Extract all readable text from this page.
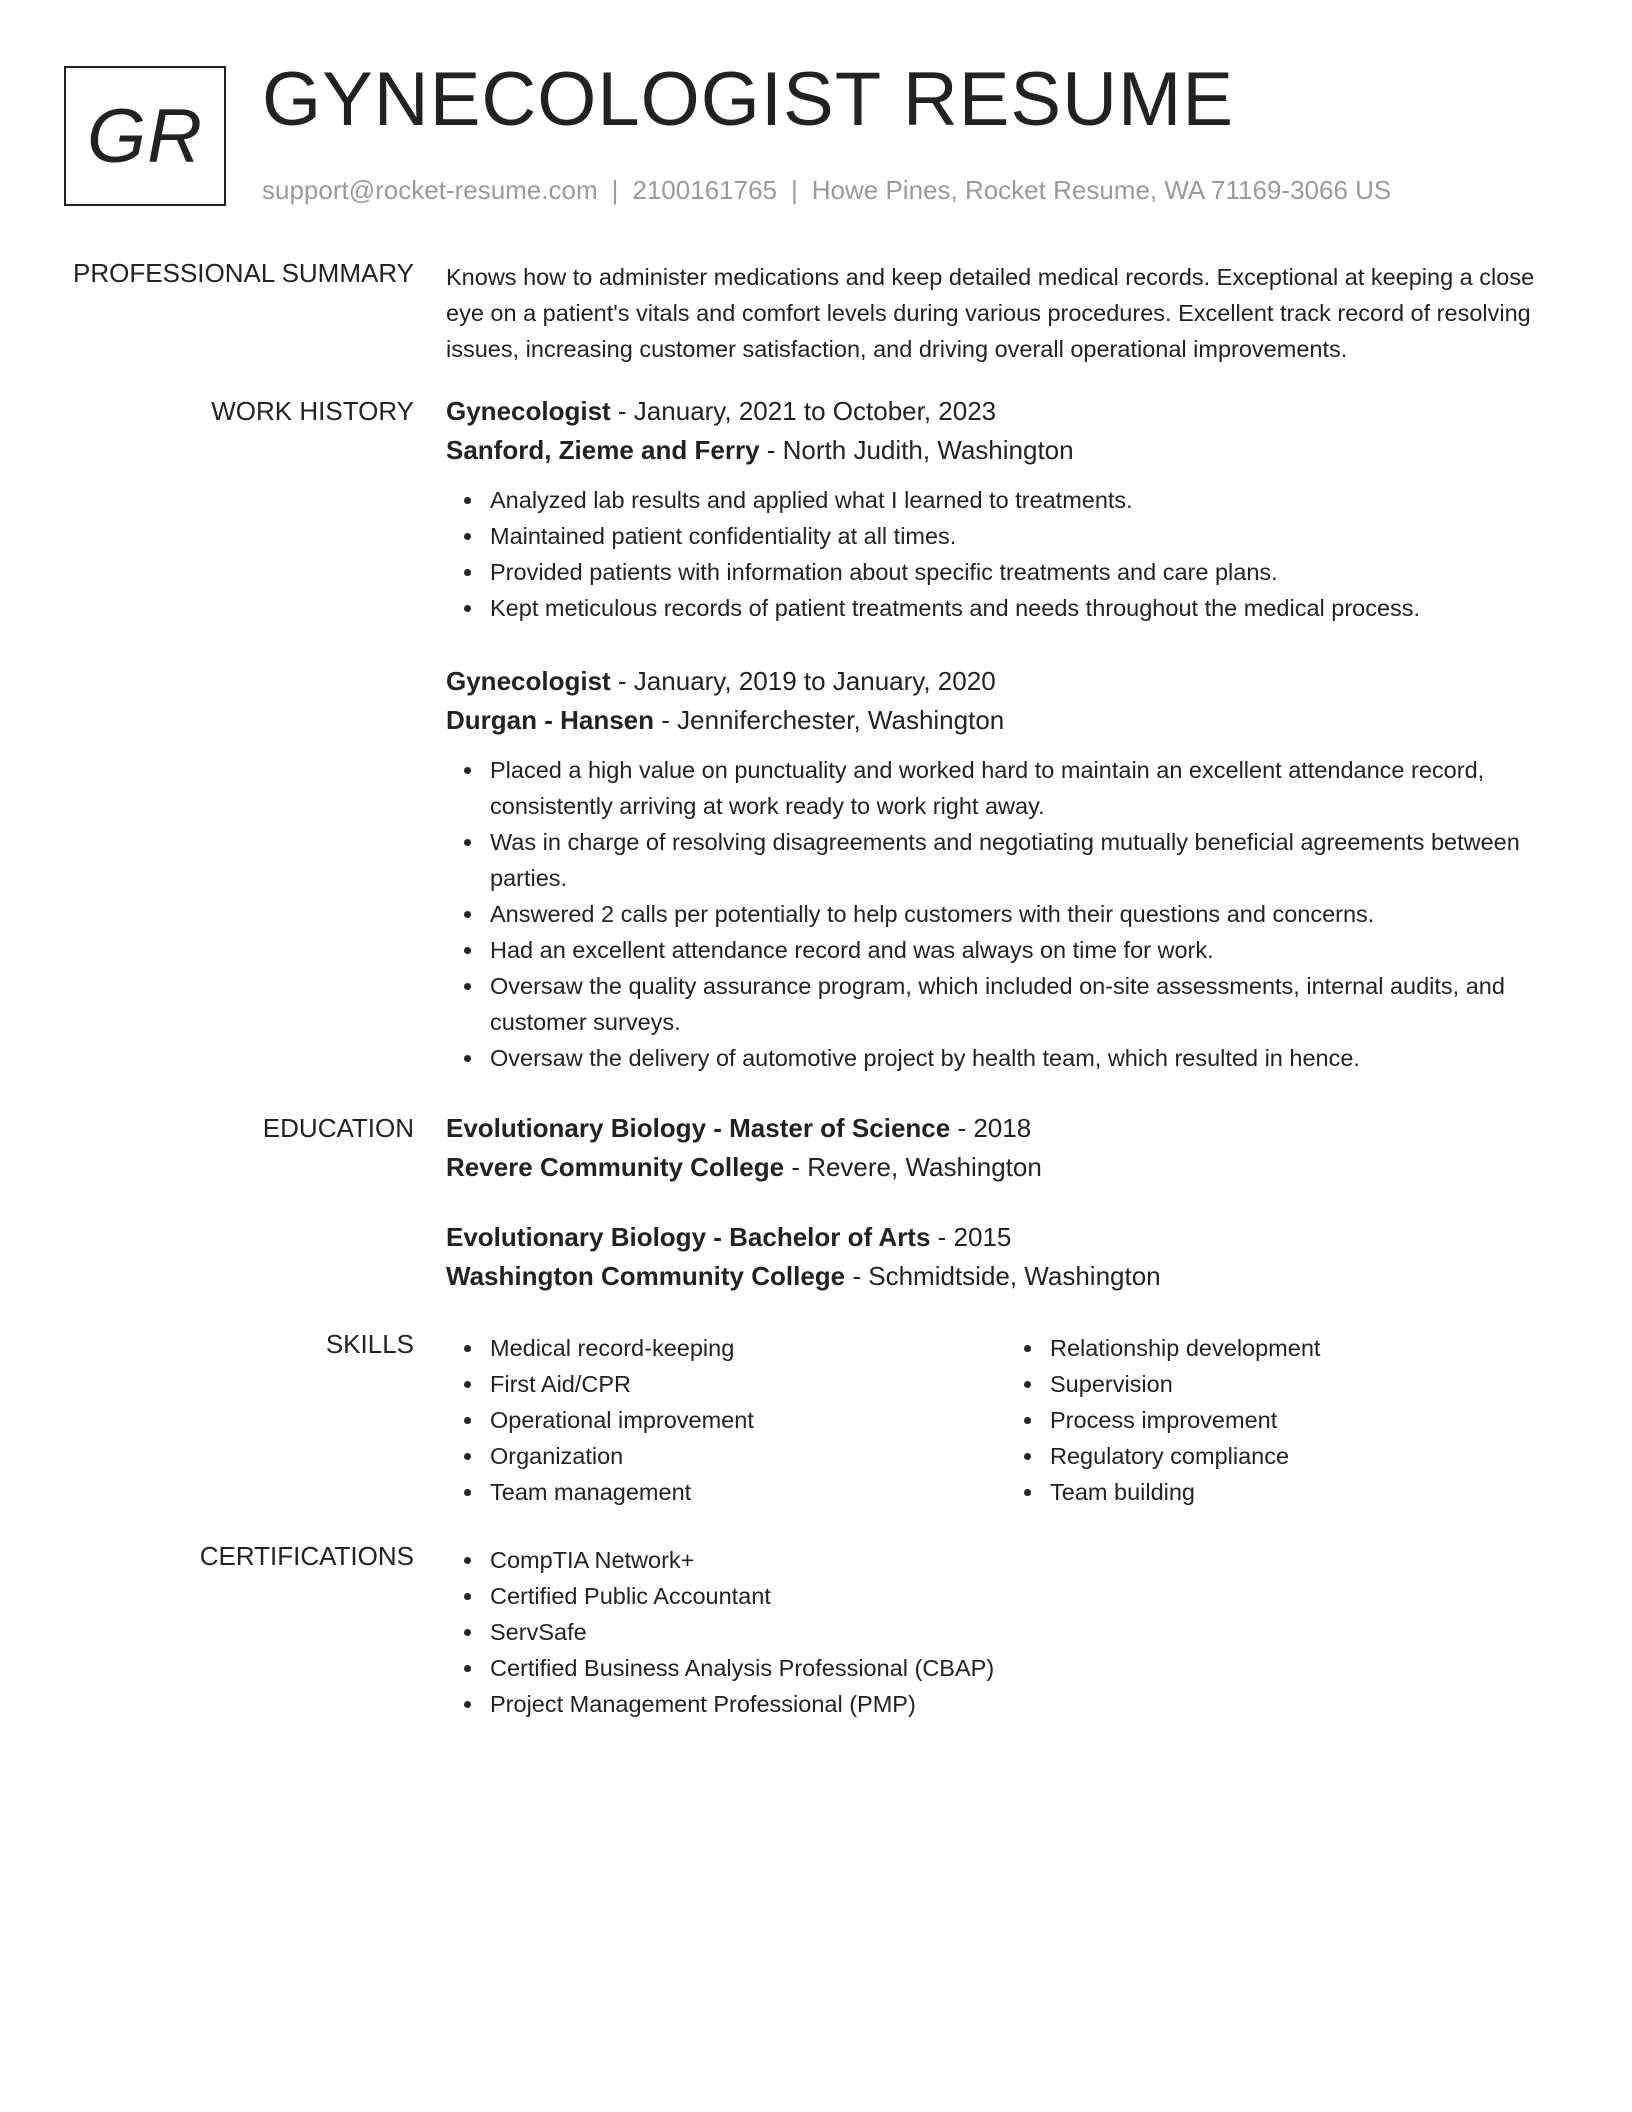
GR GYNECOLOGIST RESUME
support@rocket-resume.com | 2100161765 | Howe Pines, Rocket Resume, WA 71169-3066 US
PROFESSIONAL SUMMARY Knows how to administer medications and keep detailed medical records. Exceptional at keeping a close eye on a patient's vitals and comfort levels during various procedures. Excellent track record of resolving issues, increasing customer satisfaction, and driving overall operational improvements.

WORK HISTORY Gynecologist - January, 2021 to October, 2023
Sanford, Zieme and Ferry - North Judith, Washington
Analyzed lab results and applied what I learned to treatments.
Maintained patient confidentiality at all times.
Provided patients with information about specific treatments and care plans.
Kept meticulous records of patient treatments and needs throughout the medical process.
Gynecologist - January, 2019 to January, 2020
Durgan - Hansen - Jenniferchester, Washington
Placed a high value on punctuality and worked hard to maintain an excellent attendance record, consistently arriving at work ready to work right away.
Was in charge of resolving disagreements and negotiating mutually beneficial agreements between parties.
Answered 2 calls per potentially to help customers with their questions and concerns.
Had an excellent attendance record and was always on time for work.
Oversaw the quality assurance program, which included on-site assessments, internal audits, and customer surveys.
Oversaw the delivery of automotive project by health team, which resulted in hence.
EDUCATION Evolutionary Biology - Master of Science - 2018
Revere Community College - Revere, Washington
Evolutionary Biology - Bachelor of Arts - 2015
Washington Community College - Schmidtside, Washington
SKILLS	Medical record-keeping
First Aid/CPR
Operational improvement
Organization
Team management
Relationship development
Supervision
Process improvement
Regulatory compliance
Team building
CERTIFICATIONS	CompTIA Network+
Certified Public Accountant
ServSafe
Certified Business Analysis Professional (CBAP)
Project Management Professional (PMP)
